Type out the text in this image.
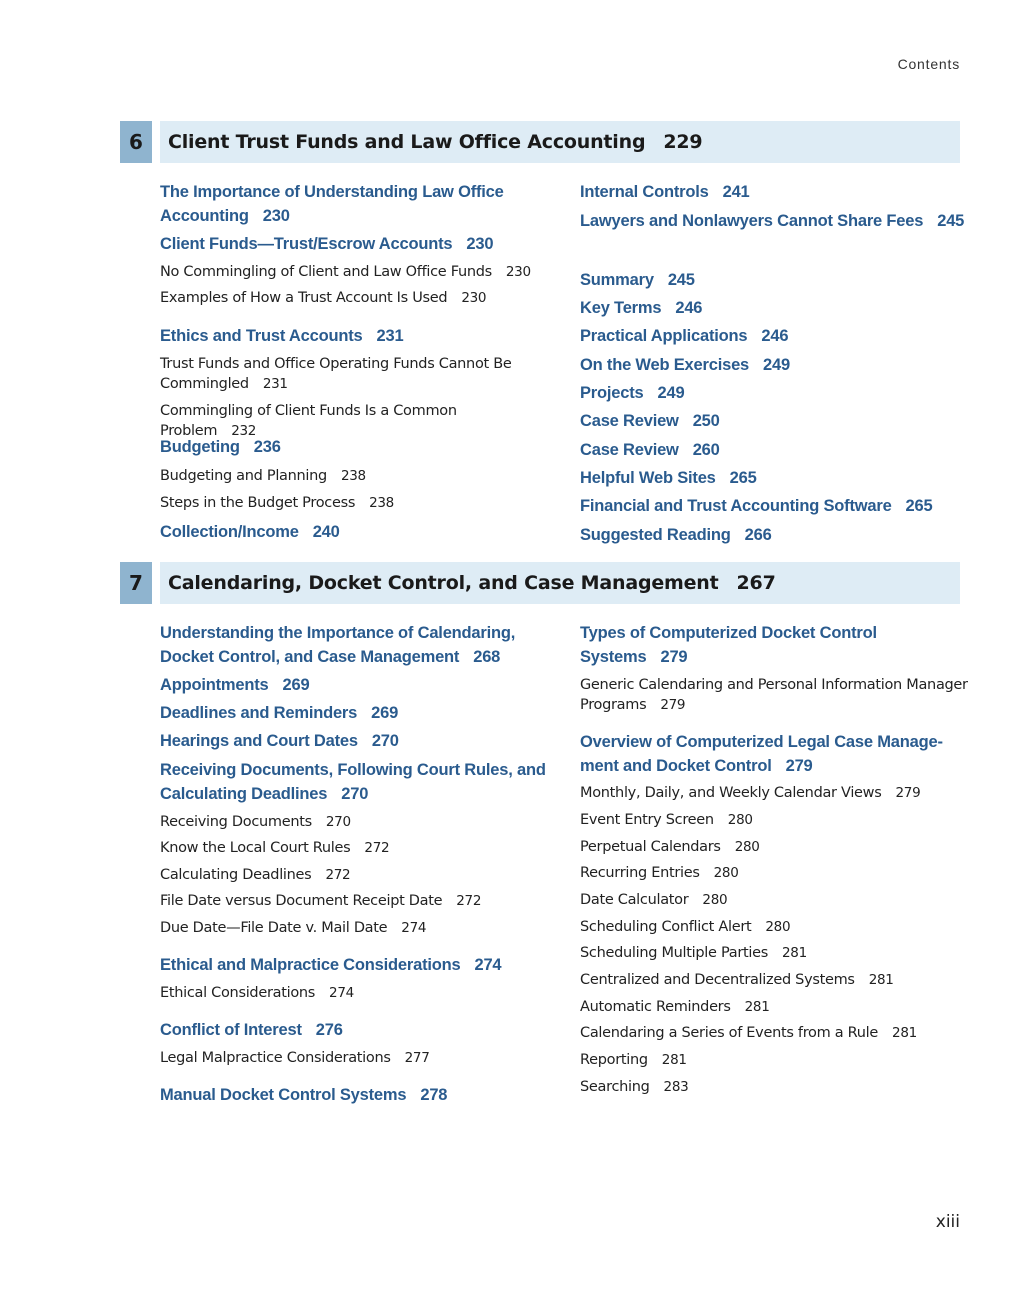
Contents
6	Client Trust Funds and Law Office Accounting 229
The Importance of Understanding Law Office Accounting 230
Client Funds—Trust/Escrow Accounts 230
No Commingling of Client and Law Office Funds 230
Examples of How a Trust Account Is Used 230
Ethics and Trust Accounts 231
Trust Funds and Office Operating Funds Cannot Be Commingled 231
Commingling of Client Funds Is a Common Problem 232
Budgeting 236
Budgeting and Planning 238
Steps in the Budget Process 238
Collection/Income 240
Internal Controls 241
Lawyers and Nonlawyers Cannot Share Fees 245
Summary 245
Key Terms 246
Practical Applications 246
On the Web Exercises 249
Projects 249
Case Review 250
Case Review 260
Helpful Web Sites 265
Financial and Trust Accounting Software 265
Suggested Reading 266
7	Calendaring, Docket Control, and Case Management 267
Understanding the Importance of Calendaring, Docket Control, and Case Management 268
Appointments 269
Deadlines and Reminders 269
Hearings and Court Dates 270
Receiving Documents, Following Court Rules, and Calculating Deadlines 270
Receiving Documents 270
Know the Local Court Rules 272
Calculating Deadlines 272
File Date versus Document Receipt Date 272
Due Date—File Date v. Mail Date 274
Ethical and Malpractice Considerations 274
Ethical Considerations 274
Conflict of Interest 276
Legal Malpractice Considerations 277
Manual Docket Control Systems 278
Types of Computerized Docket Control Systems 279
Generic Calendaring and Personal Information Manager Programs 279
Overview of Computerized Legal Case Manage-ment and Docket Control 279
Monthly, Daily, and Weekly Calendar Views 279
Event Entry Screen 280
Perpetual Calendars 280
Recurring Entries 280
Date Calculator 280
Scheduling Conflict Alert 280
Scheduling Multiple Parties 281
Centralized and Decentralized Systems 281
Automatic Reminders 281
Calendaring a Series of Events from a Rule 281
Reporting 281
Searching 283
xiii
